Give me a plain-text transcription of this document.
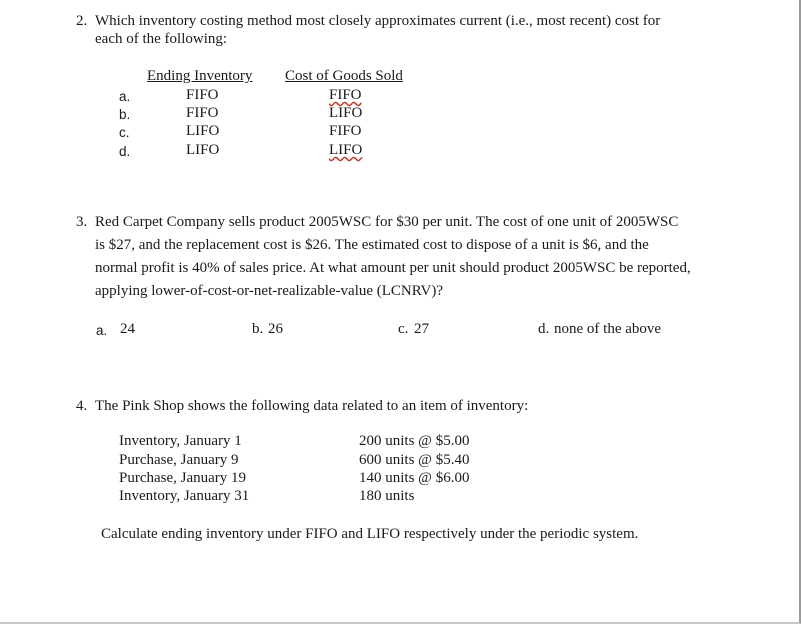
2. Which inventory costing method most closely approximates current (i.e., most recent) cost for
each of the following:
Ending Inventory Cost of Goods Sold
a.	FIFO	FIFO
b.	FIFO	LIFO
c.	LIFO	FIFO
d.	LIFO	LIFO
3. Red Carpet Company sells product 2005WSC for $30 per unit. The cost of one unit of 2005WSC
is $27, and the replacement cost is $26. The estimated cost to dispose of a unit is $6, and the
normal profit is 40% of sales price. At what amount per unit should product 2005WSC be reported,
applying lower-of-cost-or-net-realizable-value (LCNRV)?
a. 24	b. 26	c. 27	d. none of the above
4. The Pink Shop shows the following data related to an item of inventory:
Inventory, January 1	200 units @ $5.00
Purchase, January 9	600 units @ $5.40
Purchase, January 19	140 units @ $6.00
Inventory, January 31	180 units
Calculate ending inventory under FIFO and LIFO respectively under the periodic system.
